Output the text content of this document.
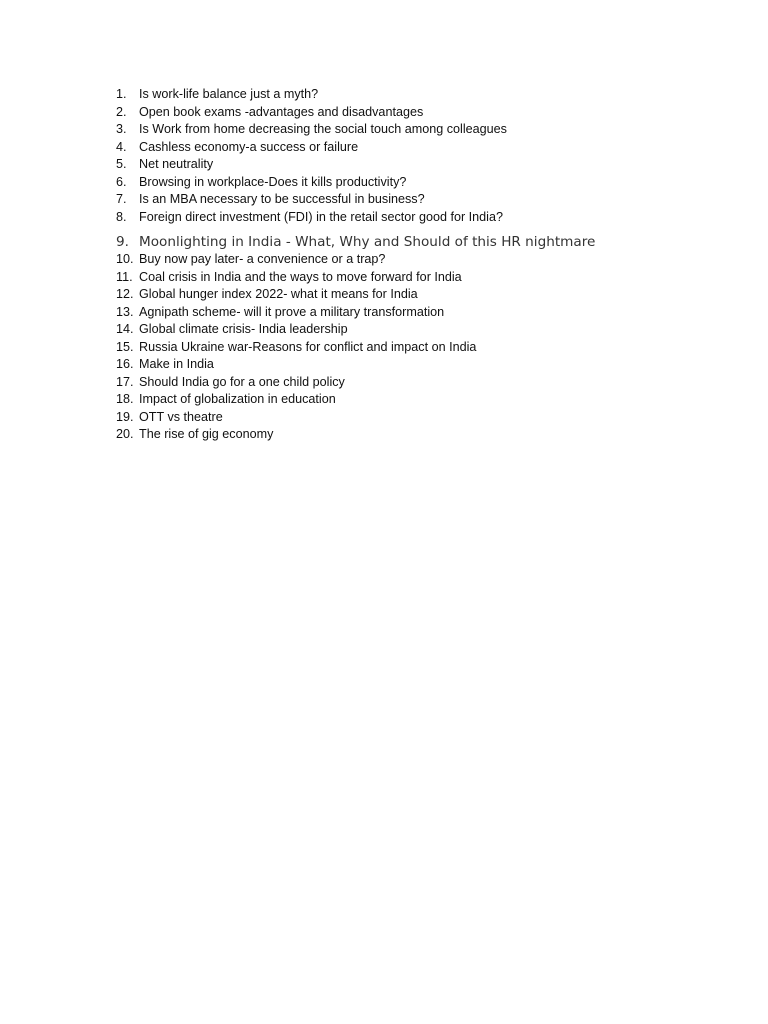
1. Is work-life balance just a myth?
2. Open book exams -advantages and disadvantages
3. Is Work from home decreasing the social touch among colleagues
4. Cashless economy-a success or failure
5. Net neutrality
6. Browsing in workplace-Does it kills productivity?
7. Is an MBA necessary to be successful in business?
8. Foreign direct investment (FDI) in the retail sector good for India?
9. Moonlighting in India - What, Why and Should of this HR nightmare
10. Buy now pay later- a convenience or a trap?
11. Coal crisis in India and the ways to move forward for India
12. Global hunger index 2022- what it means for India
13. Agnipath scheme- will it prove a military transformation
14. Global climate crisis- India leadership
15. Russia Ukraine war-Reasons for conflict and impact on India
16. Make in India
17. Should India go for a one child policy
18. Impact of globalization in education
19. OTT vs theatre
20. The rise of gig economy
